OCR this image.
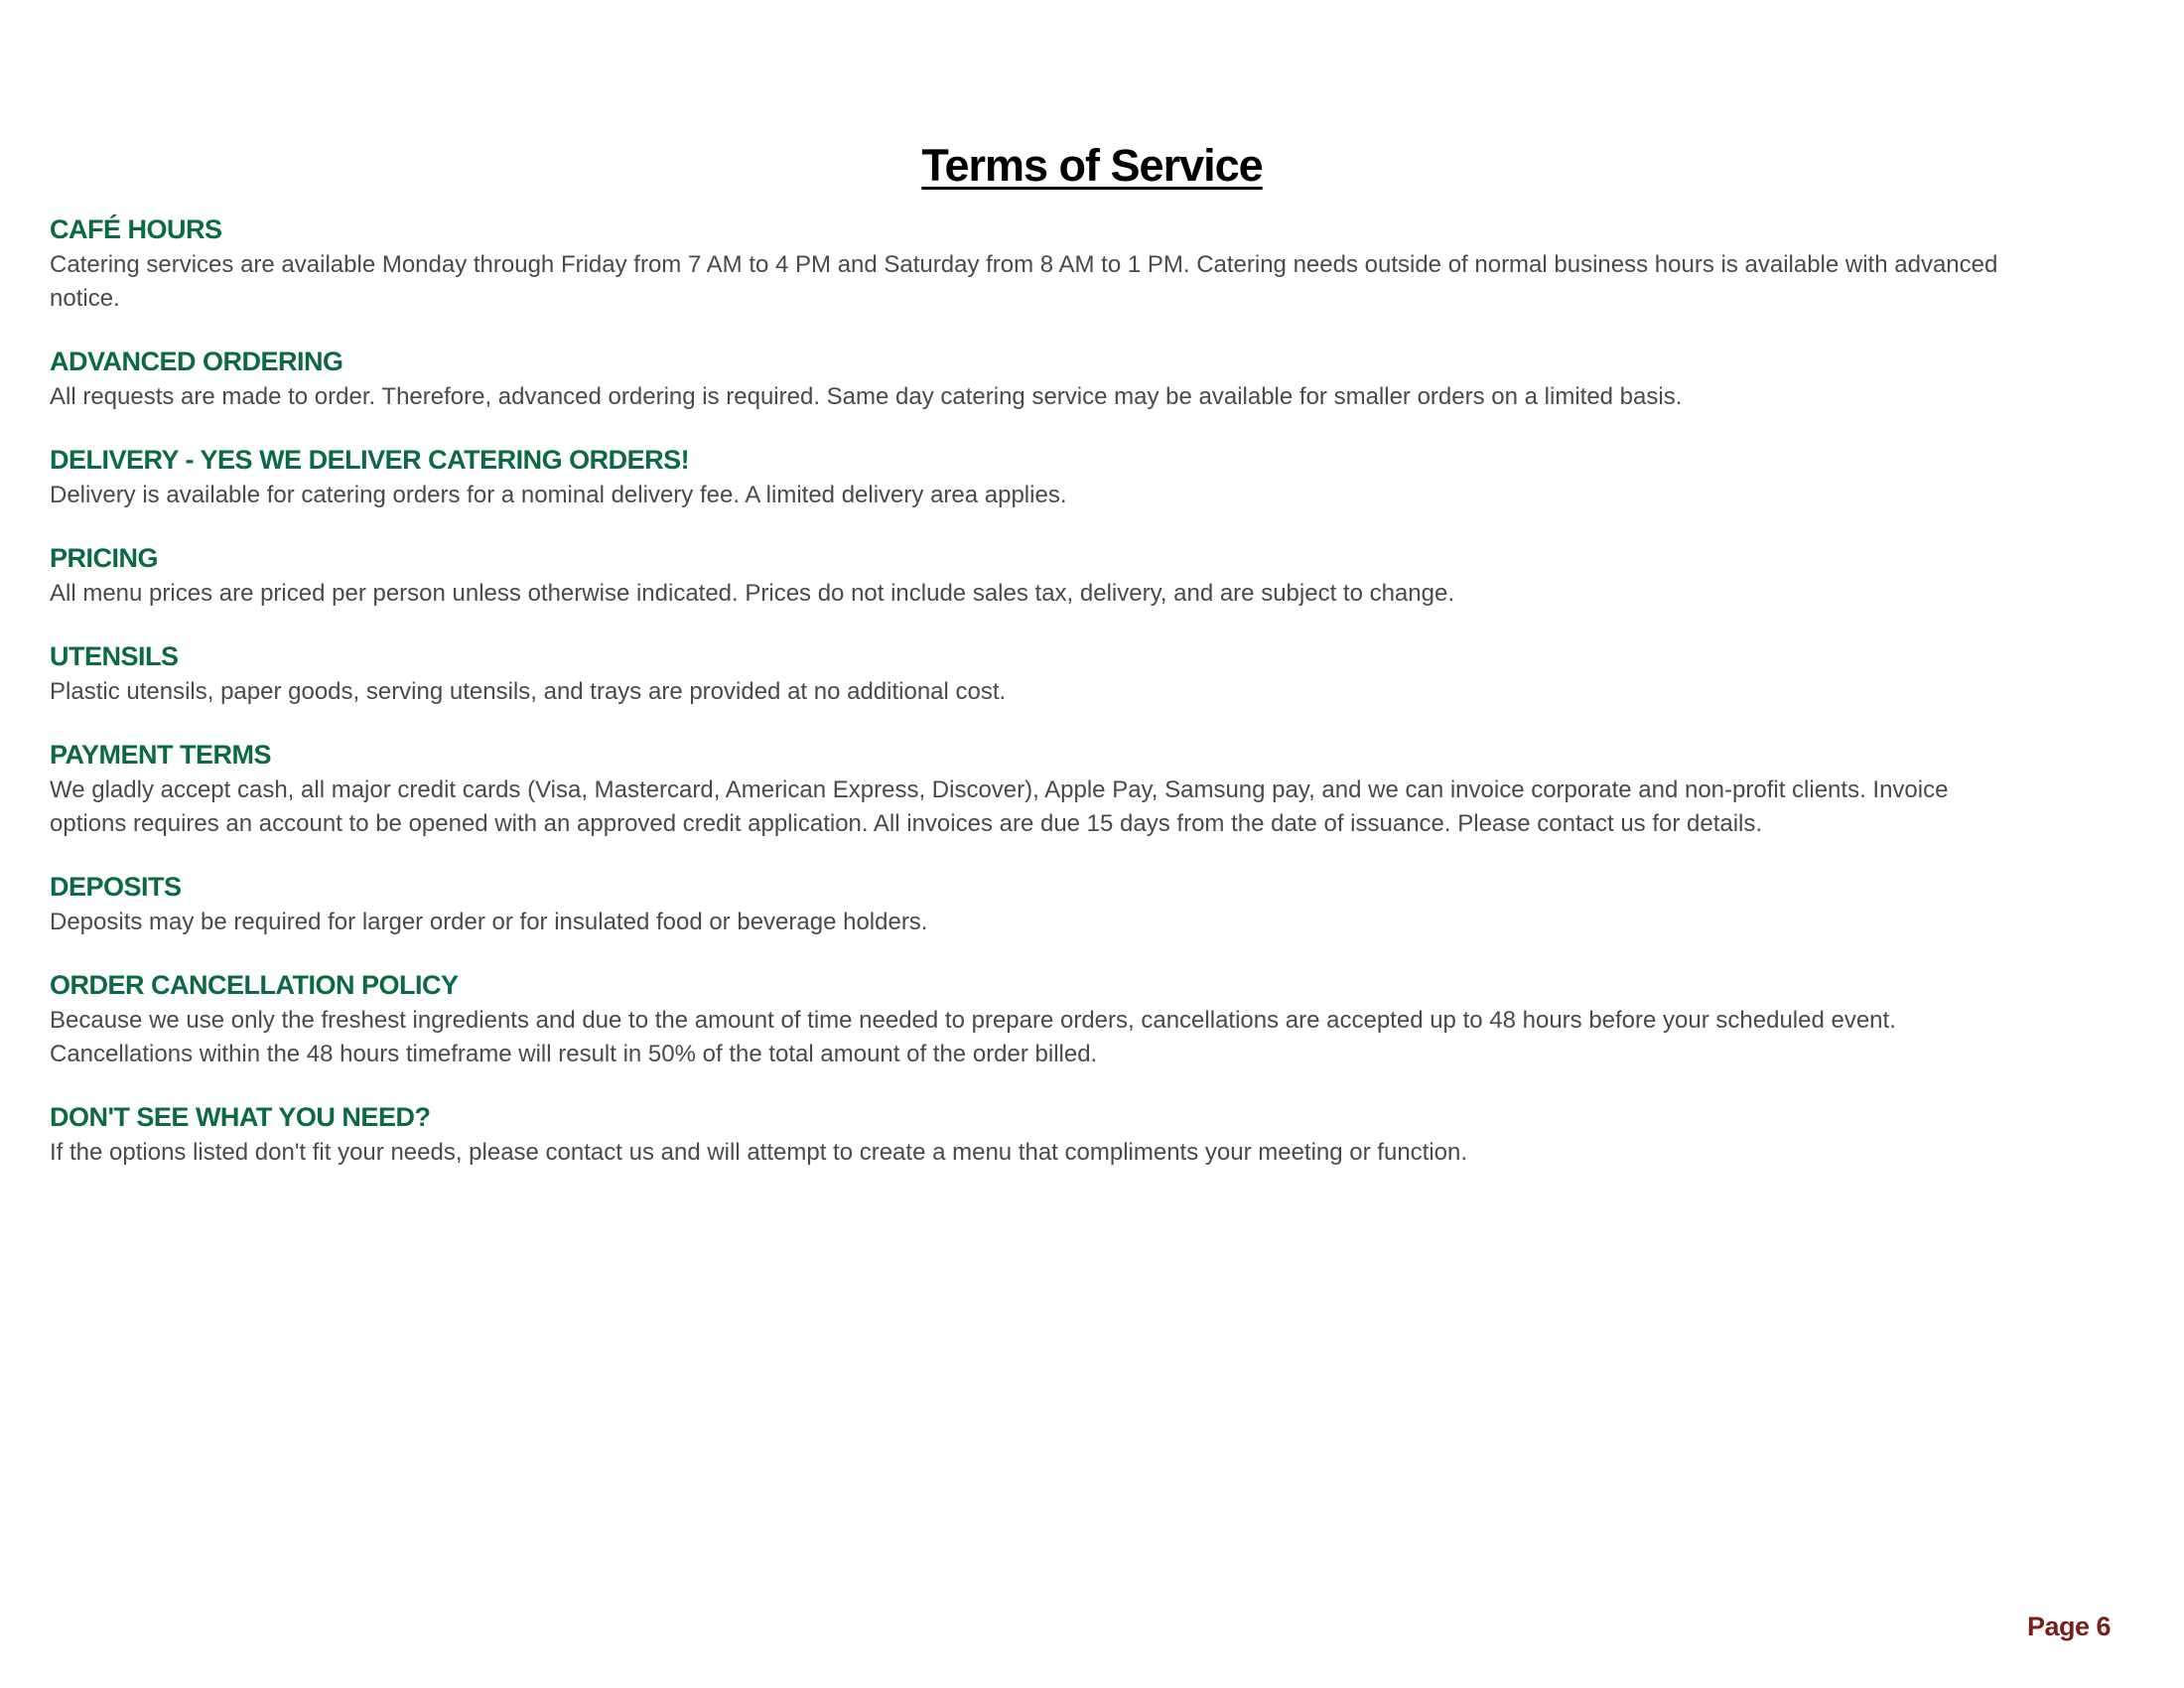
Terms of Service
CAFÉ HOURS

Catering services are available Monday through Friday from 7 AM to 4 PM and Saturday from 8 AM to 1 PM. Catering needs outside of normal business hours is available with advanced notice.

ADVANCED ORDERING

All requests are made to order. Therefore, advanced ordering is required. Same day catering service may be available for smaller orders on a limited basis.

DELIVERY - YES WE DELIVER CATERING ORDERS!

Delivery is available for catering orders for a nominal delivery fee. A limited delivery area applies.

PRICING

All menu prices are priced per person unless otherwise indicated. Prices do not include sales tax, delivery, and are subject to change.

UTENSILS

Plastic utensils, paper goods, serving utensils, and trays are provided at no additional cost.

PAYMENT TERMS

We gladly accept cash, all major credit cards (Visa, Mastercard, American Express, Discover), Apple Pay, Samsung pay, and we can invoice corporate and non-profit clients. Invoice options requires an account to be opened with an approved credit application. All invoices are due 15 days from the date of issuance. Please contact us for details.

DEPOSITS

Deposits may be required for larger order or for insulated food or beverage holders.

ORDER CANCELLATION POLICY

Because we use only the freshest ingredients and due to the amount of time needed to prepare orders, cancellations are accepted up to 48 hours before your scheduled event. Cancellations within the 48 hours timeframe will result in 50% of the total amount of the order billed.

DON'T SEE WHAT YOU NEED?

If the options listed don't fit your needs, please contact us and will attempt to create a menu that compliments your meeting or function.

Page 6
